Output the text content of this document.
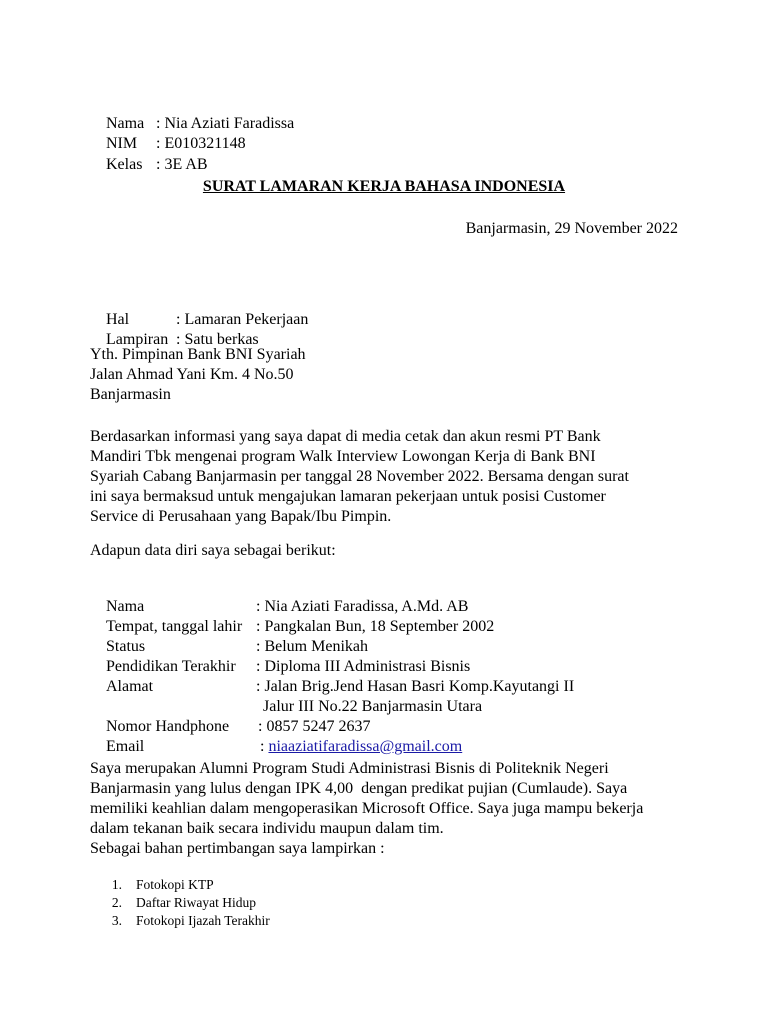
Nama : Nia Aziati Faradissa

NIM : E010321148

Kelas : 3E AB

SURAT LAMARAN KERJA BAHASA INDONESIA
Banjarmasin, 29 November 2022

Hal	: Lamaran Pekerjaan

Lampiran : Satu berkas

Yth. Pimpinan Bank BNI Syariah
Jalan Ahmad Yani Km. 4 No.50
Banjarmasin
Berdasarkan informasi yang saya dapat di media cetak dan akun resmi PT Bank
Mandiri Tbk mengenai program Walk Interview Lowongan Kerja di Bank BNI
Syariah Cabang Banjarmasin per tanggal 28 November 2022. Bersama dengan surat
ini saya bermaksud untuk mengajukan lamaran pekerjaan untuk posisi Customer
Service di Perusahaan yang Bapak/Ibu Pimpin.
Adapun data diri saya sebagai berikut:

Nama	: Nia Aziati Faradissa, A.Md. AB

Tempat, tanggal lahir : Pangkalan Bun, 18 September 2002

Status	: Belum Menikah

Pendidikan Terakhir : Diploma III Administrasi Bisnis

Alamat	: Jalan Brig.Jend Hasan Basri Komp.Kayutangi II

Jalur III No.22 Banjarmasin Utara

Nomor Handphone : 0857 5247 2637

Email	: niaaziatifaradissa@gmail.com

Saya merupakan Alumni Program Studi Administrasi Bisnis di Politeknik Negeri
Banjarmasin yang lulus dengan IPK 4,00  dengan predikat pujian (Cumlaude). Saya
memiliki keahlian dalam mengoperasikan Microsoft Office. Saya juga mampu bekerja
dalam tekanan baik secara individu maupun dalam tim.
Sebagai bahan pertimbangan saya lampirkan :
1. Fotokopi KTP
2. Daftar Riwayat Hidup
3. Fotokopi Ijazah Terakhir
